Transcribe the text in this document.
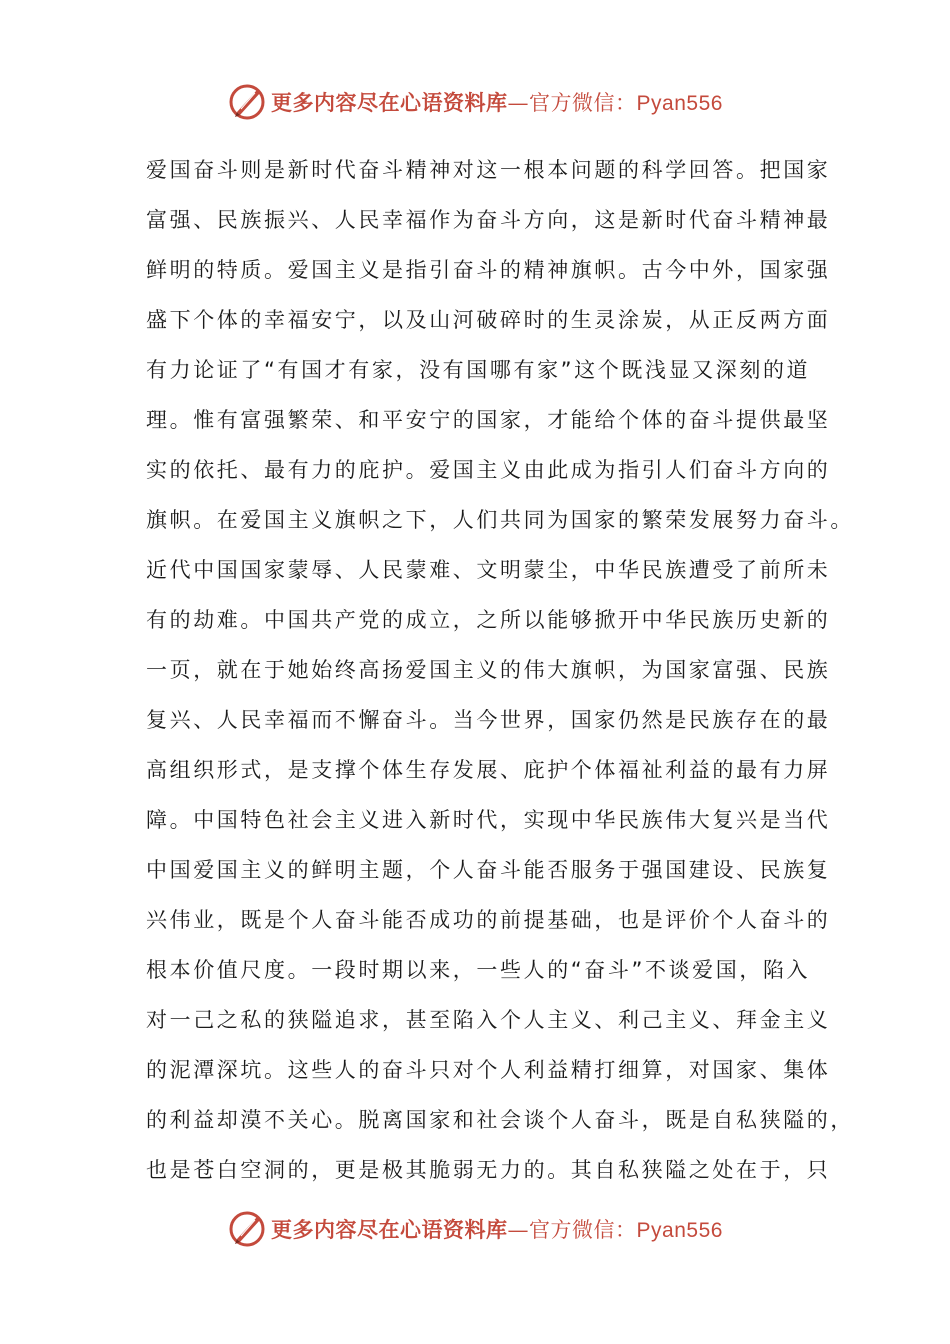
更多内容尽在心语资料库—官方微信：Pyan556
爱国奋斗则是新时代奋斗精神对这一根本问题的科学回答。把国家
富强、民族振兴、人民幸福作为奋斗方向，这是新时代奋斗精神最
鲜明的特质。爱国主义是指引奋斗的精神旗帜。古今中外，国家强
盛下个体的幸福安宁，以及山河破碎时的生灵涂炭，从正反两方面
有力论证了“有国才有家，没有国哪有家”这个既浅显又深刻的道
理。惟有富强繁荣、和平安宁的国家，才能给个体的奋斗提供最坚
实的依托、最有力的庇护。爱国主义由此成为指引人们奋斗方向的
旗帜。在爱国主义旗帜之下，人们共同为国家的繁荣发展努力奋斗。
近代中国国家蒙辱、人民蒙难、文明蒙尘，中华民族遭受了前所未
有的劫难。中国共产党的成立，之所以能够掀开中华民族历史新的
一页，就在于她始终高扬爱国主义的伟大旗帜，为国家富强、民族
复兴、人民幸福而不懈奋斗。当今世界，国家仍然是民族存在的最
高组织形式，是支撑个体生存发展、庇护个体福祉利益的最有力屏
障。中国特色社会主义进入新时代，实现中华民族伟大复兴是当代
中国爱国主义的鲜明主题，个人奋斗能否服务于强国建设、民族复
兴伟业，既是个人奋斗能否成功的前提基础，也是评价个人奋斗的
根本价值尺度。一段时期以来，一些人的“奋斗”不谈爱国，陷入
对一己之私的狭隘追求，甚至陷入个人主义、利己主义、拜金主义
的泥潭深坑。这些人的奋斗只对个人利益精打细算，对国家、集体
的利益却漠不关心。脱离国家和社会谈个人奋斗，既是自私狭隘的，
也是苍白空洞的，更是极其脆弱无力的。其自私狭隘之处在于，只
更多内容尽在心语资料库—官方微信：Pyan556
